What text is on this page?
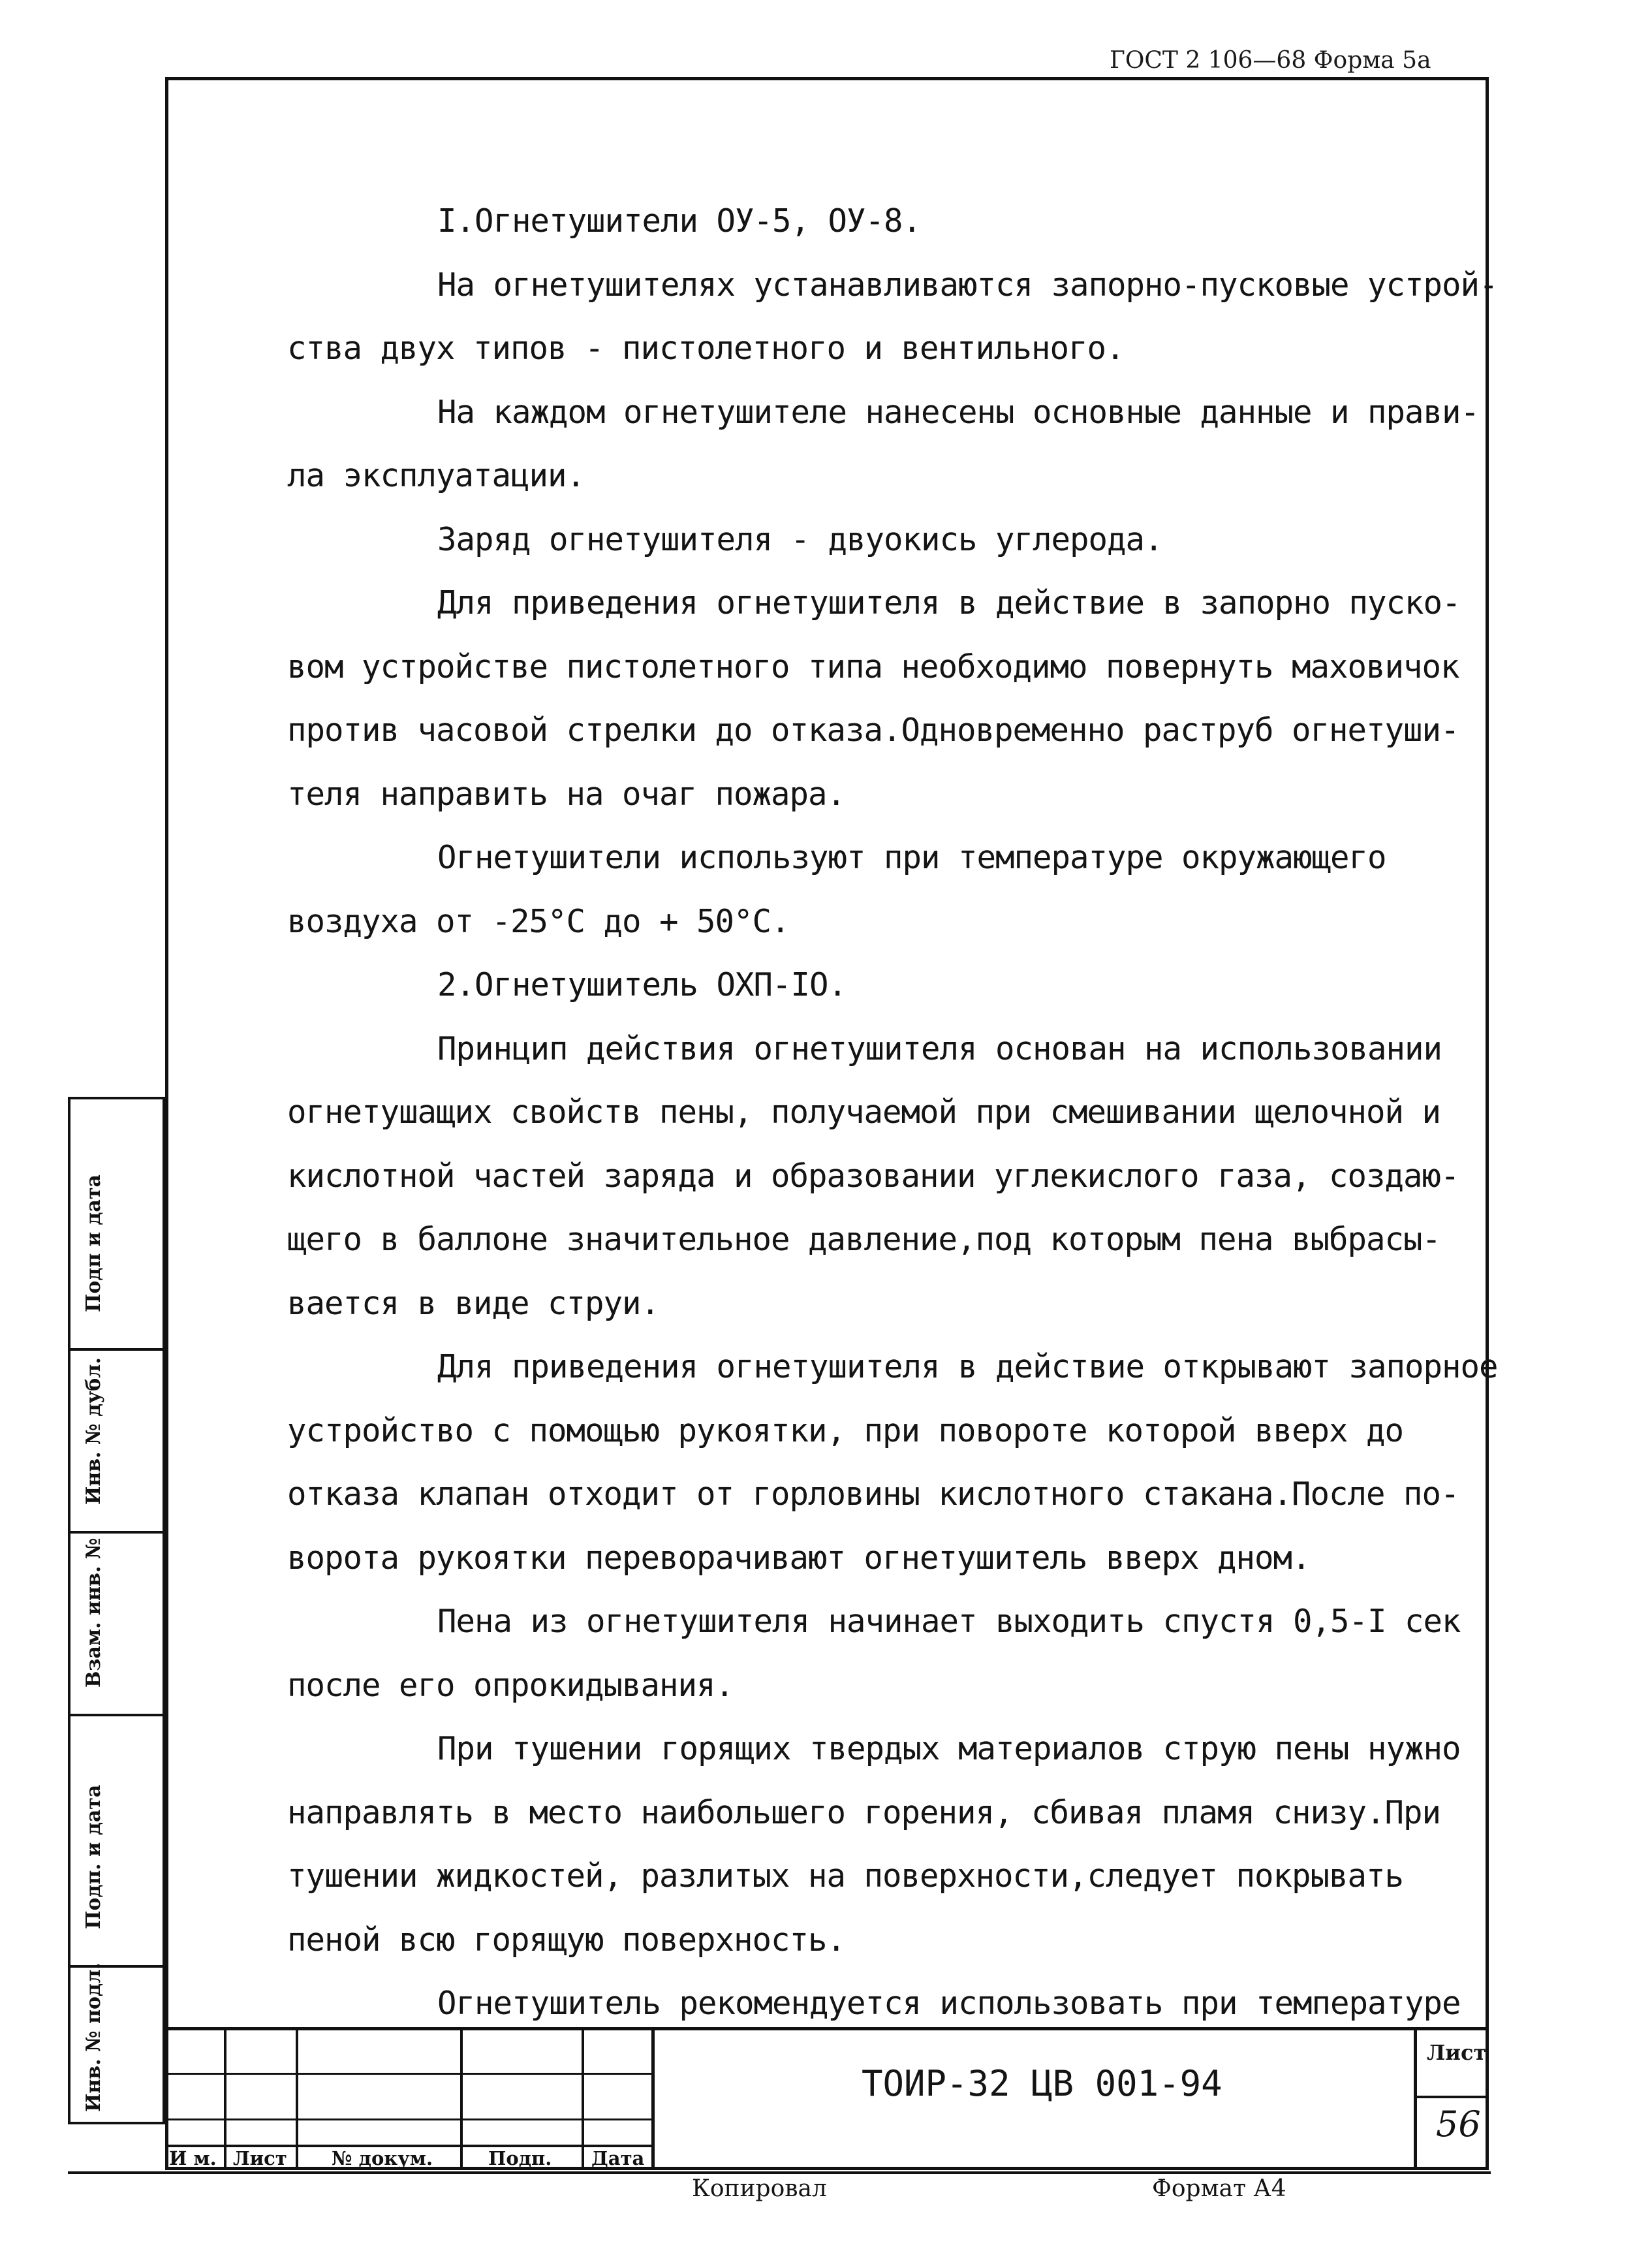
ГОСТ 2 106—68 Форма 5а
I.Огнетушители ОУ-5, ОУ-8.
На огнетушителях устанавливаются запорно-пусковые устрой-
ства двух типов - пистолетного и вентильного.
На каждом огнетушителе нанесены основные данные и прави-
ла эксплуатации.
Заряд огнетушителя - двуокись углерода.
Для приведения огнетушителя в действие в запорно пуско-
вом устройстве пистолетного типа необходимо повернуть маховичок
против часовой стрелки до отказа.Одновременно раструб огнетуши-
теля направить на очаг пожара.
Огнетушители используют при температуре окружающего
воздуха от -25°С до + 50°С.
2.Огнетушитель ОХП-IO.
Принцип действия огнетушителя основан на использовании
огнетушащих свойств пены, получаемой при смешивании щелочной и
кислотной частей заряда и образовании углекислого газа, создаю-
щего в баллоне значительное давление,под которым пена выбрасы-
вается в виде струи.
Для приведения огнетушителя в действие открывают запорное
устройство с помощью рукоятки, при повороте которой вверх до
отказа клапан отходит от горловины кислотного стакана.После по-
ворота рукоятки переворачивают огнетушитель вверх дном.
Пена из огнетушителя начинает выходить спустя 0,5-I сек
после его опрокидывания.
При тушении горящих твердых материалов струю пены нужно
направлять в место наибольшего горения, сбивая пламя снизу.При
тушении жидкостей, разлитых на поверхности,следует покрывать
пеной всю горящую поверхность.
Огнетушитель рекомендуется использовать при температуре
Подп и дата
Инв. № дубл.
Взам. инв. №
Подп. и дата
Инв. № подл.
И м. Лист № докум.	Подп. Дата
ТОИР-32 ЦВ 001-94
Лист
56
Копировал	Формат А4
